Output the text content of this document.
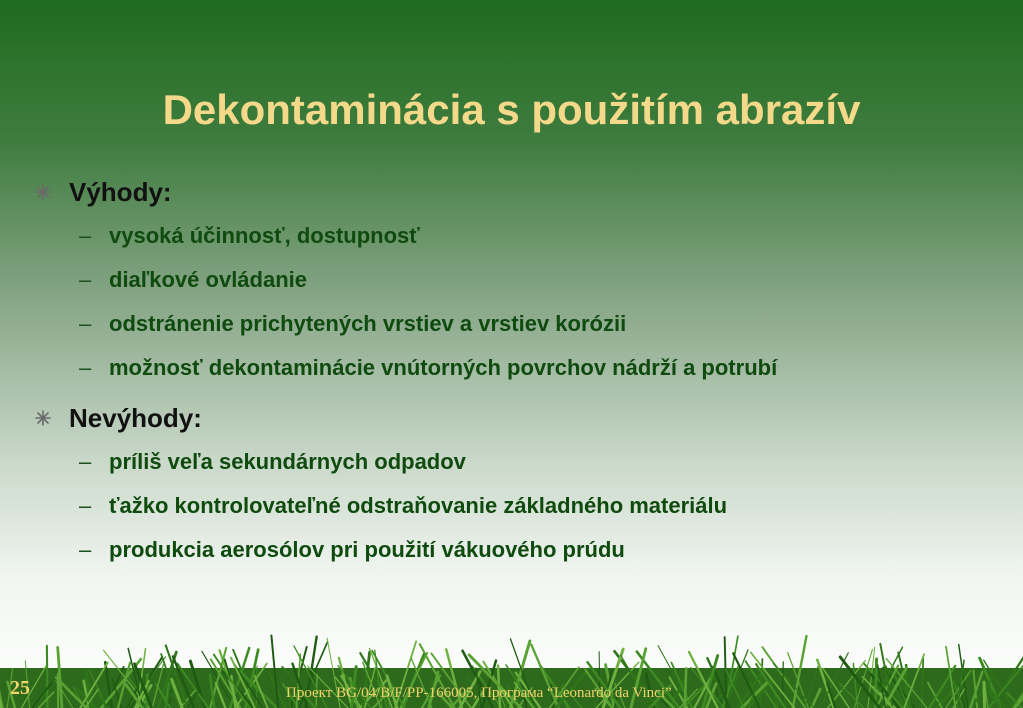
Dekontaminácia s použitím abrazív
Výhody:
– vysoká účinnosť, dostupnosť
– diaľkové ovládanie
– odstránenie prichytených vrstiev a vrstiev korózii
– možnosť dekontaminácie vnútorných povrchov nádrží a potrubí
Nevýhody:
– príliš veľa sekundárnych odpadov
– ťažko kontrolovateľné odstraňovanie základného materiálu
– produkcia aerosólov pri použití vákuového prúdu
25	Проект BG/04/B/F/PP-166005, Програма “Leonardo da Vinci”
